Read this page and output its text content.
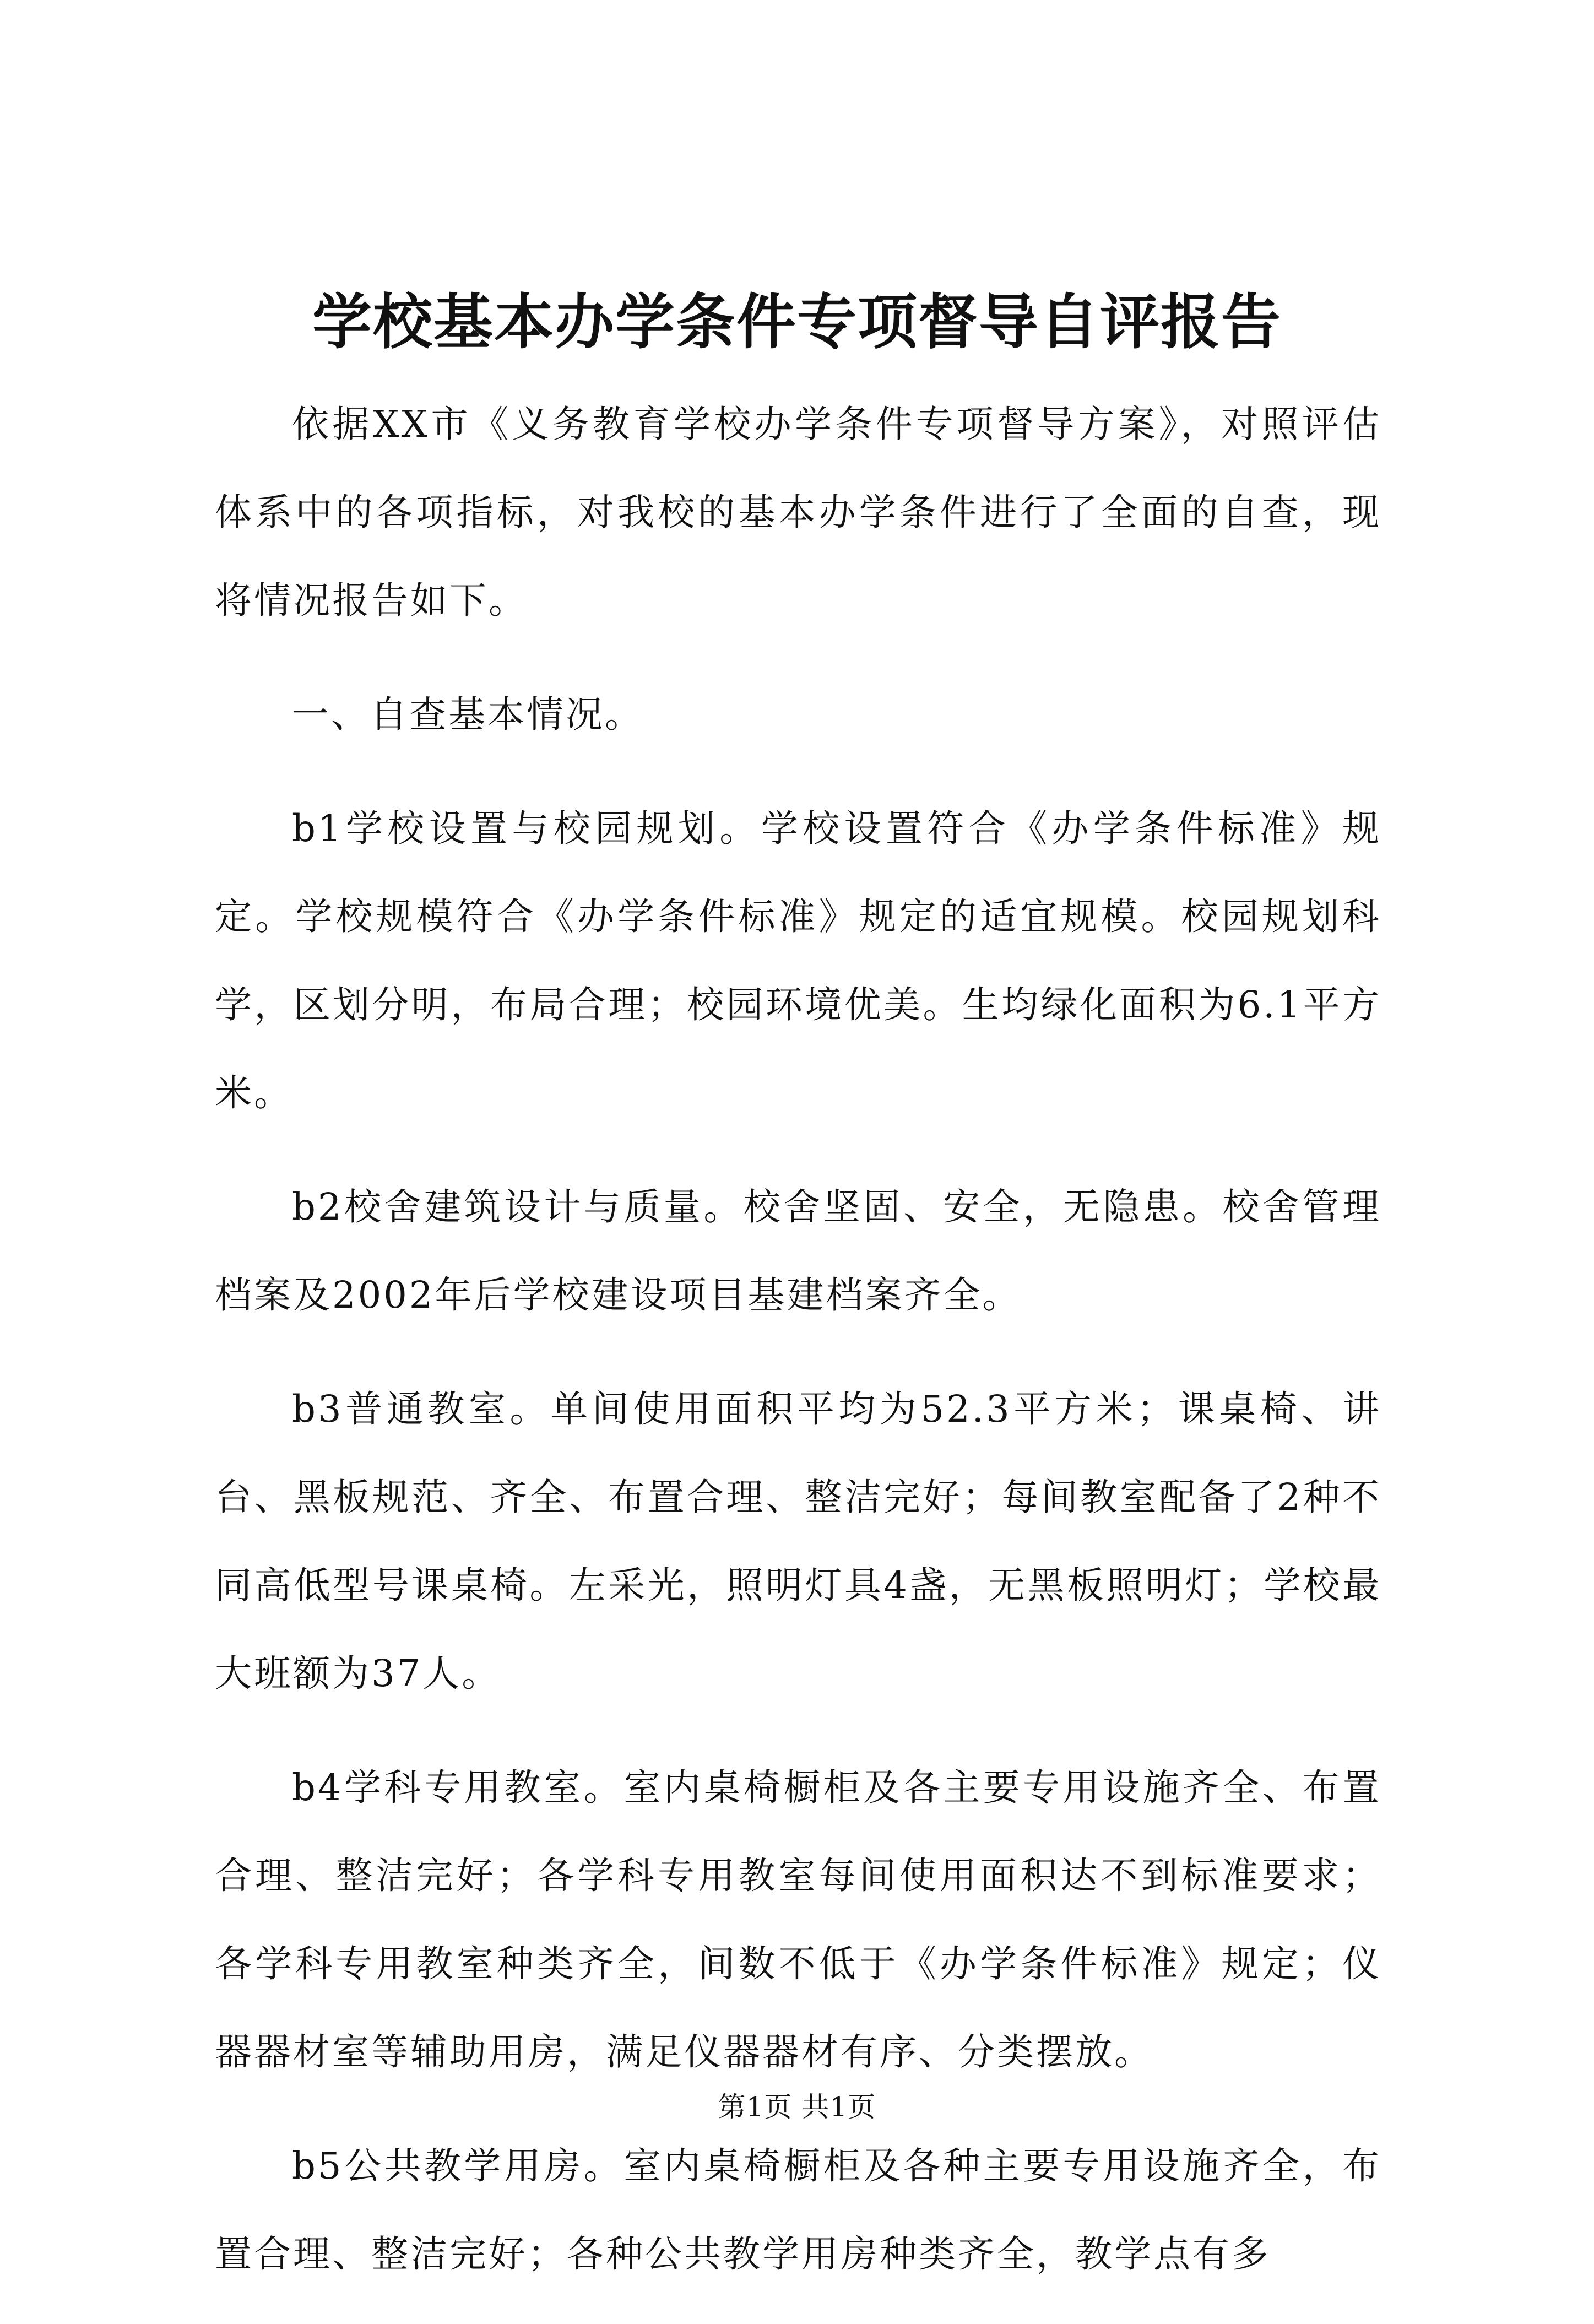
学校基本办学条件专项督导自评报告

依据XX市《义务教育学校办学条件专项督导方案》，对照评估体系中的各项指标，对我校的基本办学条件进行了全面的自查，现将情况报告如下。

一、自查基本情况。

b1学校设置与校园规划。学校设置符合《办学条件标准》规定。学校规模符合《办学条件标准》规定的适宜规模。校园规划科学，区划分明，布局合理；校园环境优美。生均绿化面积为6.1平方米。

b2校舍建筑设计与质量。校舍坚固、安全，无隐患。校舍管理档案及2002年后学校建设项目基建档案齐全。

b3普通教室。单间使用面积平均为52.3平方米；课桌椅、讲台、黑板规范、齐全、布置合理、整洁完好；每间教室配备了2种不同高低型号课桌椅。左采光，照明灯具4盏，无黑板照明灯；学校最大班额为37人。

b4学科专用教室。室内桌椅橱柜及各主要专用设施齐全、布置合理、整洁完好；各学科专用教室每间使用面积达不到标准要求；各学科专用教室种类齐全，间数不低于《办学条件标准》规定；仪器器材室等辅助用房，满足仪器器材有序、分类摆放。

b5公共教学用房。室内桌椅橱柜及各种主要专用设施齐全，布置合理、整洁完好；各种公共教学用房种类齐全，教学点有多

第1页 共1页
